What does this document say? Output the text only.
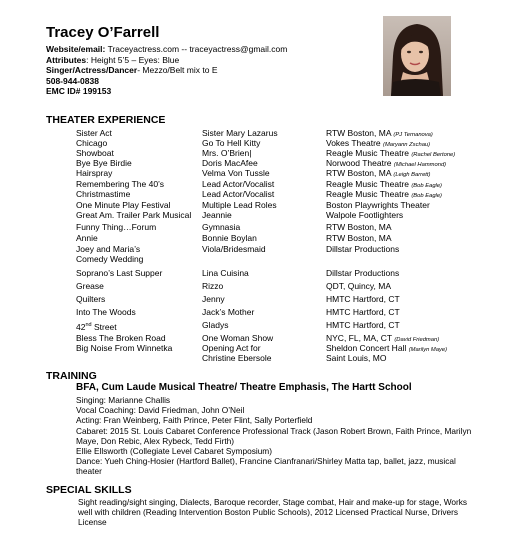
Tracey O’Farrell
Website/email: Traceyactress.com -- traceyactress@gmail.com
Attributes: Height 5’5 – Eyes: Blue
Singer/Actress/Dancer- Mezzo/Belt mix to E
508-944-0838
EMC ID# 199153
THEATER EXPERIENCE
Sister Act	Sister Mary Lazarus	RTW Boston, MA (PJ Ternanova)
Chicago	Go To Hell Kitty	Vokes Theatre (Maryann Zschau)
Showboat	Mrs. O’Brien|	Reagle Music Theatre (Rachel Bertone)
Bye Bye Birdie	Doris MacAfee	Norwood Theatre (Michael Hammond)
Hairspray	Velma Von Tussle	RTW Boston, MA (Leigh Barrett)
Remembering The 40’s	Lead Actor/Vocalist	Reagle Music Theatre (Bob Eagle)
Christmastime	Lead Actor/Vocalist	Reagle Music Theatre (Bob Eagle)
One Minute Play Festival	Multiple Lead Roles	Boston Playwrights Theater
Great Am. Trailer Park Musical	Jeannie	Walpole Footlighters
Funny Thing…Forum	Gymnasia	RTW Boston, MA
Annie	Bonnie Boylan	RTW Boston, MA
Joey and Maria’s	Viola/Bridesmaid	Dillstar Productions
Comedy Wedding
Soprano’s Last Supper	Lina Cuisina	Dillstar Productions
Grease	Rizzo	QDT, Quincy, MA
Quilters	Jenny	HMTC Hartford, CT
Into The Woods	Jack’s Mother	HMTC Hartford, CT
42nd Street	Gladys	HMTC Hartford, CT
Bless The Broken Road	One Woman Show	NYC, FL, MA, CT (David Friedman)
Big Noise From Winnetka	Opening Act for	Sheldon Concert Hall (Marilyn Maye)
Christine Ebersole	Saint Louis, MO
TRAINING
BFA, Cum Laude Musical Theatre/ Theatre Emphasis, The Hartt School
Singing: Marianne Challis
Vocal Coaching: David Friedman, John O’Neil
Acting: Fran Weinberg, Faith Prince, Peter Flint, Sally Porterfield
Cabaret: 2015 St. Louis Cabaret Conference Professional Track (Jason Robert Brown, Faith Prince, Marilyn Maye, Don Rebic, Alex Rybeck, Tedd Firth)
Ellie Ellsworth (Collegiate Level Cabaret Symposium)
Dance: Yueh Ching-Hosier (Hartford Ballet), Francine Cianfranari/Shirley Matta tap, ballet, jazz, musical theater
SPECIAL SKILLS
Sight reading/sight singing, Dialects, Baroque recorder, Stage combat, Hair and make-up for stage, Works well with children (Reading Intervention Boston Public Schools), 2012 Licensed Practical Nurse, Drivers License
